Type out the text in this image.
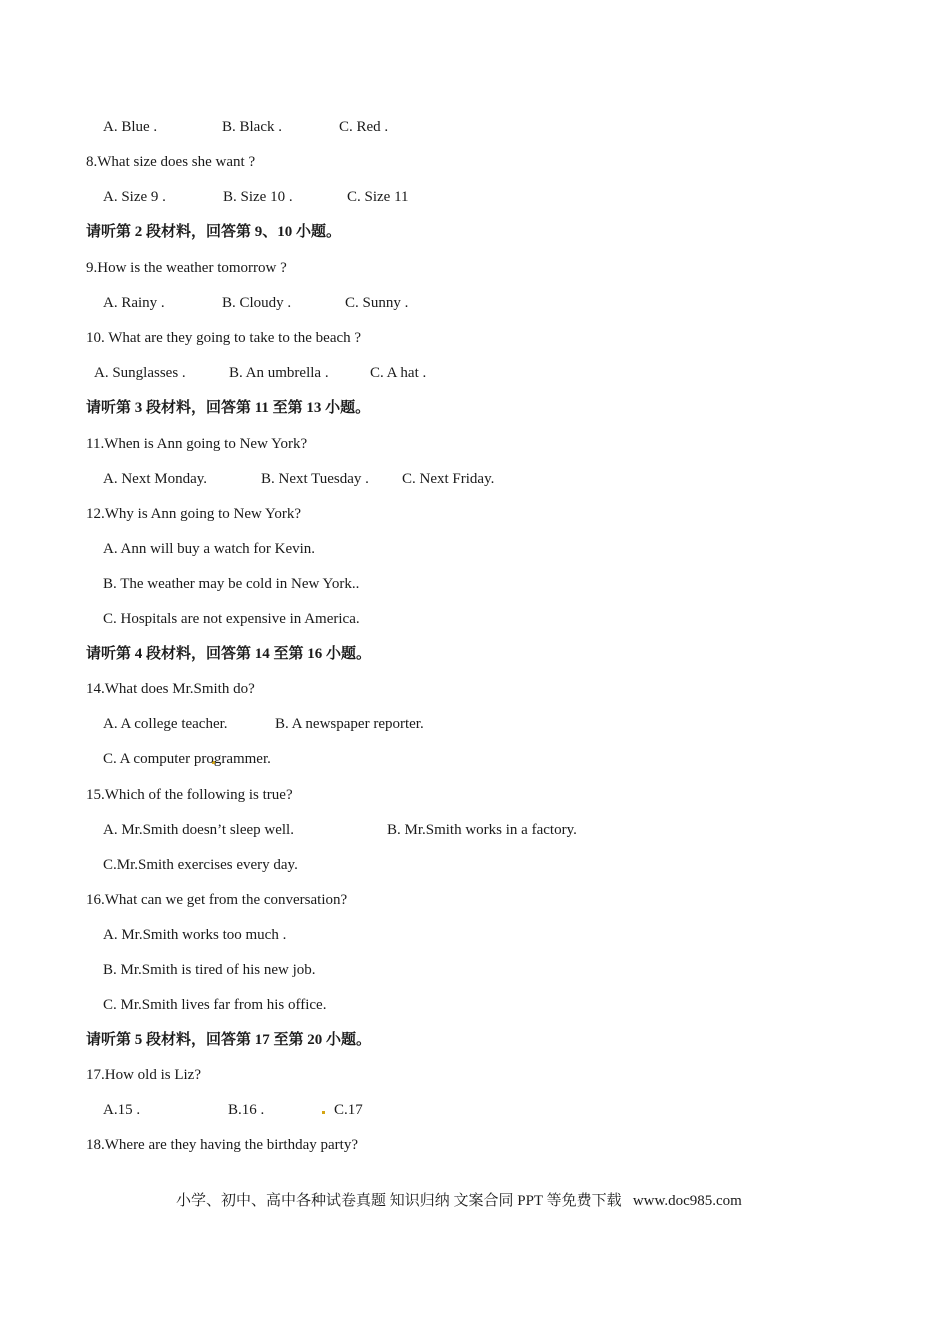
小学、初中、高中各种试卷真题 知识归纳 文案合同 PPT 等免费下载   www.doc985.com
A. Blue .	B. Black .	C. Red .
8.What size does she want ?
A. Size 9 .	B. Size 10 .	C. Size 11
请听第 2 段材料，回答第 9、10 小题。
9.How is the weather tomorrow ?
A. Rainy .	B. Cloudy .	C. Sunny .
10. What are they going to take to the beach ?
A. Sunglasses .	B. An umbrella .	C. A hat .
请听第 3 段材料，回答第 11 至第 13 小题。
11.When is Ann going to New York?
A. Next Monday.	B. Next Tuesday . C. Next Friday.
12.Why is Ann going to New York?
A. Ann will buy a watch for Kevin.
B. The weather may be cold in New York..
C. Hospitals are not expensive in America.
请听第 4 段材料，回答第 14 至第 16 小题。
14.What does Mr.Smith do?
A. A college teacher.	B. A newspaper reporter.
C. A computer programmer.
15.Which of the following is true?
A. Mr.Smith doesn’t sleep well.	B. Mr.Smith works in a factory.
C.Mr.Smith exercises every day.
16.What can we get from the conversation?
A. Mr.Smith works too much .
B. Mr.Smith is tired of his new job.
C. Mr.Smith lives far from his office.
请听第 5 段材料，回答第 17 至第 20 小题。
17.How old is Liz?
A.15 .	B.16 .	C.17
18.Where are they having the birthday party?
